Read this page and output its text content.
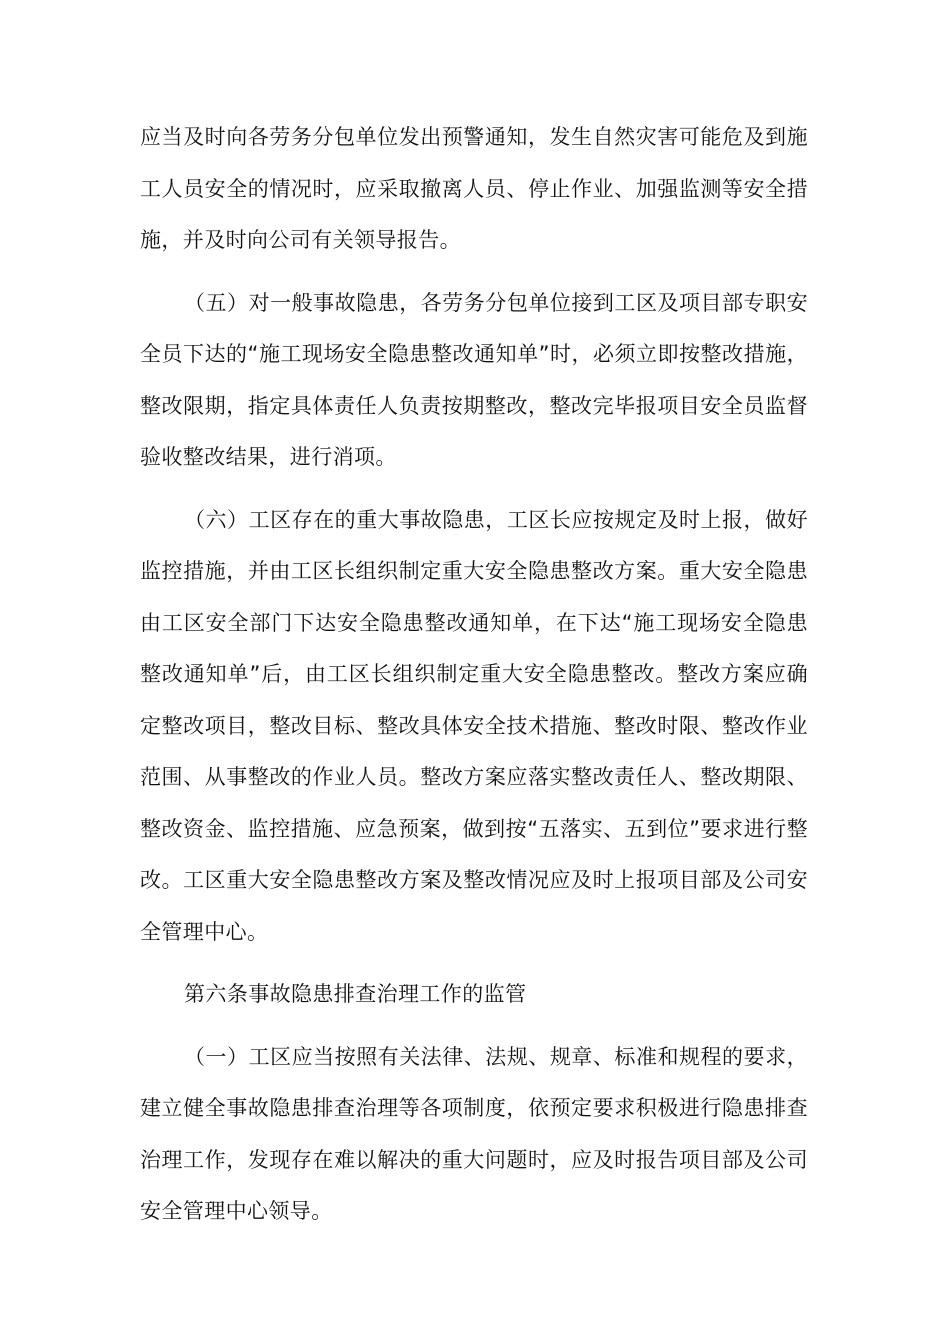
应当及时向各劳务分包单位发出预警通知，发生自然灾害可能危及到施工人员安全的情况时，应采取撤离人员、停止作业、加强监测等安全措施，并及时向公司有关领导报告。

（五）对一般事故隐患，各劳务分包单位接到工区及项目部专职安全员下达的“施工现场安全隐患整改通知单”时，必须立即按整改措施，整改限期，指定具体责任人负责按期整改，整改完毕报项目安全员监督验收整改结果，进行消项。

（六）工区存在的重大事故隐患，工区长应按规定及时上报，做好监控措施，并由工区长组织制定重大安全隐患整改方案。重大安全隐患由工区安全部门下达安全隐患整改通知单，在下达“施工现场安全隐患整改通知单”后，由工区长组织制定重大安全隐患整改。整改方案应确定整改项目，整改目标、整改具体安全技术措施、整改时限、整改作业范围、从事整改的作业人员。整改方案应落实整改责任人、整改期限、整改资金、监控措施、应急预案，做到按“五落实、五到位”要求进行整改。工区重大安全隐患整改方案及整改情况应及时上报项目部及公司安全管理中心。

第六条事故隐患排查治理工作的监管

（一）工区应当按照有关法律、法规、规章、标准和规程的要求，建立健全事故隐患排查治理等各项制度，依预定要求积极进行隐患排查治理工作，发现存在难以解决的重大问题时，应及时报告项目部及公司安全管理中心领导。
